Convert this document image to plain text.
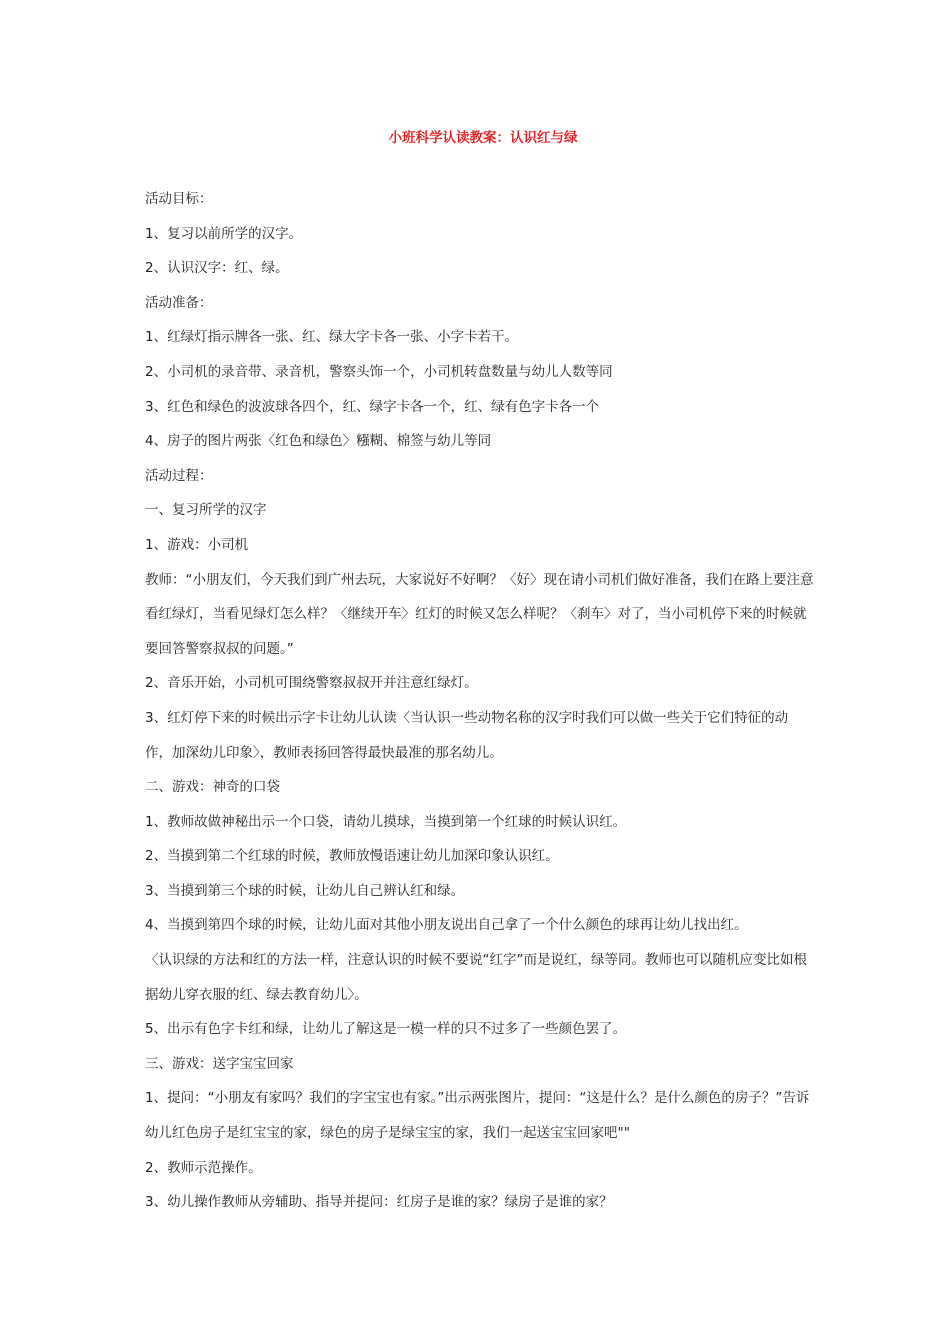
小班科学认读教案：认识红与绿

活动目标：

1、复习以前所学的汉字。

2、认识汉字：红、绿。

活动准备：

1、红绿灯指示牌各一张、红、绿大字卡各一张、小字卡若干。

2、小司机的录音带、录音机，警察头饰一个，小司机转盘数量与幼儿人数等同

3、红色和绿色的波波球各四个，红、绿字卡各一个，红、绿有色字卡各一个

4、房子的图片两张〈红色和绿色〉糨糊、棉签与幼儿等同

活动过程：

一、复习所学的汉字

1、游戏：小司机

教师：“小朋友们，今天我们到广州去玩，大家说好不好啊？〈好〉现在请小司机们做好准备，我们在路上要注意看红绿灯，当看见绿灯怎么样？〈继续开车〉红灯的时候又怎么样呢？〈刹车〉对了，当小司机停下来的时候就要回答警察叔叔的问题。”

2、音乐开始，小司机可围绕警察叔叔开并注意红绿灯。

3、红灯停下来的时候出示字卡让幼儿认读〈当认识一些动物名称的汉字时我们可以做一些关于它们特征的动作，加深幼儿印象〉，教师表扬回答得最快最准的那名幼儿。

二、游戏：神奇的口袋

1、教师故做神秘出示一个口袋，请幼儿摸球，当摸到第一个红球的时候认识红。

2、当摸到第二个红球的时候，教师放慢语速让幼儿加深印象认识红。

3、当摸到第三个球的时候，让幼儿自己辨认红和绿。

4、当摸到第四个球的时候，让幼儿面对其他小朋友说出自己拿了一个什么颜色的球再让幼儿找出红。

〈认识绿的方法和红的方法一样，注意认识的时候不要说“红字”而是说红，绿等同。教师也可以随机应变比如根据幼儿穿衣服的红、绿去教育幼儿〉。

5、出示有色字卡红和绿，让幼儿了解这是一模一样的只不过多了一些颜色罢了。

三、游戏：送字宝宝回家

1、提问：“小朋友有家吗？我们的字宝宝也有家。”出示两张图片，提问：“这是什么？是什么颜色的房子？”告诉幼儿红色房子是红宝宝的家，绿色的房子是绿宝宝的家，我们一起送宝宝回家吧""

2、教师示范操作。

3、幼儿操作教师从旁辅助、指导并提问：红房子是谁的家？绿房子是谁的家？
